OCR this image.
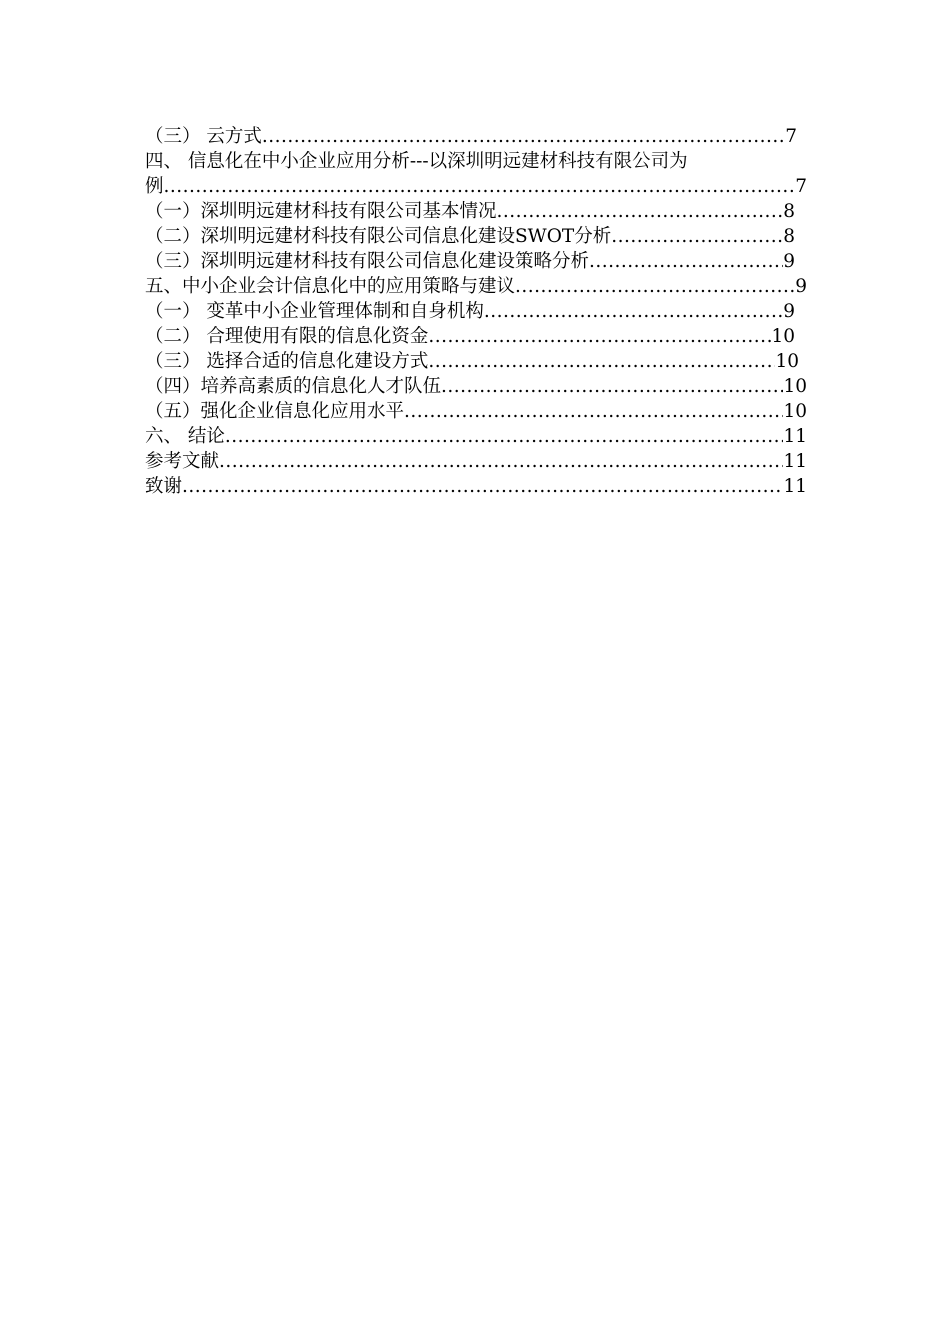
（三） 云方式 .....	7
四、 信息化在中小企业应用分析---以深圳明远建材科技有限公司为
例 .....	7
（一）深圳明远建材科技有限公司基本情况 .....	8
（二）深圳明远建材科技有限公司信息化建设SWOT分析 .....	8
（三）深圳明远建材科技有限公司信息化建设策略分析 .....	9
五、中小企业会计信息化中的应用策略与建议 .....	9
（一） 变革中小企业管理体制和自身机构 .....	9
（二） 合理使用有限的信息化资金 .....	10
（三） 选择合适的信息化建设方式 .....	10
（四）培养高素质的信息化人才队伍 .....	10
（五）强化企业信息化应用水平 .....	10
六、 结论 .....	11
参考文献 .....	11
致谢 .....	11
